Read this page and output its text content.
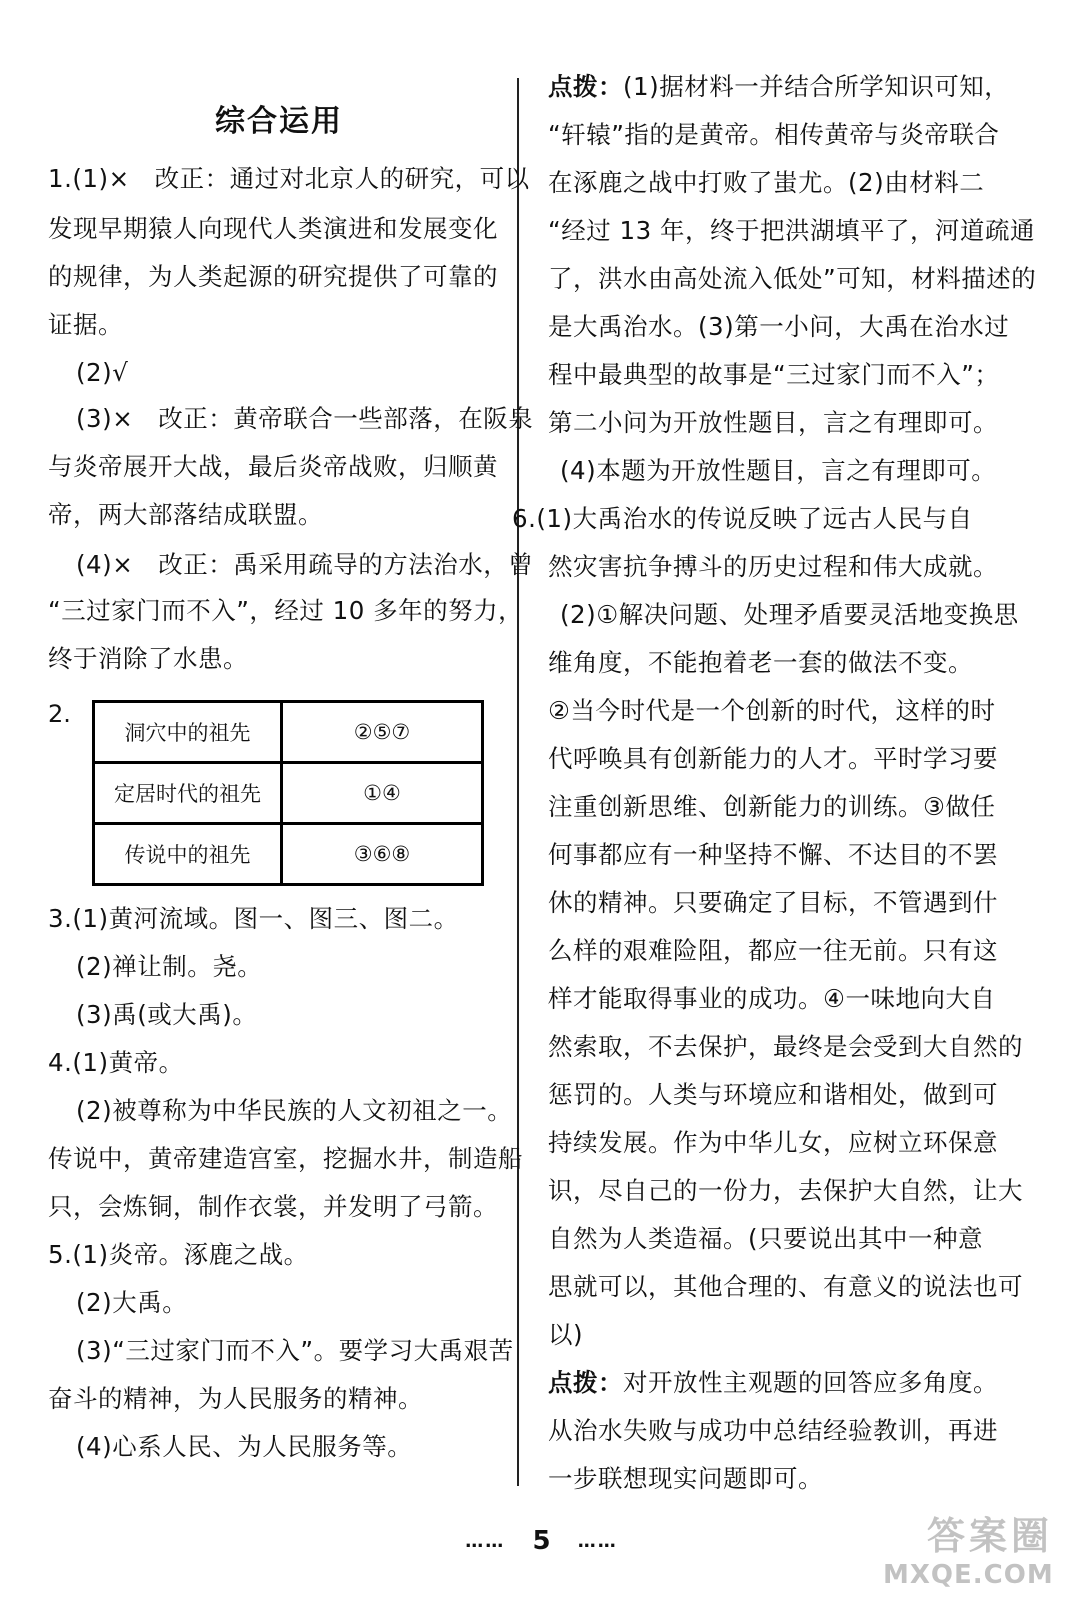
综合运用
1.(1)×　改正：通过对北京人的研究，可以
发现早期猿人向现代人类演进和发展变化
的规律，为人类起源的研究提供了可靠的
证据。
(2)√
(3)×　改正：黄帝联合一些部落，在阪泉
与炎帝展开大战，最后炎帝战败，归顺黄
帝，两大部落结成联盟。
(4)×　改正：禹采用疏导的方法治水，曾
“三过家门而不入”，经过 10 多年的努力，
终于消除了水患。
3.(1)黄河流域。图一、图三、图二。
(2)禅让制。尧。
(3)禹(或大禹)。
4.(1)黄帝。
(2)被尊称为中华民族的人文初祖之一。
传说中，黄帝建造宫室，挖掘水井，制造船
只，会炼铜，制作衣裳，并发明了弓箭。
5.(1)炎帝。涿鹿之战。
(2)大禹。
(3)“三过家门而不入”。要学习大禹艰苦
奋斗的精神，为人民服务的精神。
(4)心系人民、为人民服务等。
2.
洞穴中的祖先	②⑤⑦
定居时代的祖先	①④
传说中的祖先	③⑥⑧
点拨：(1)据材料一并结合所学知识可知，
“轩辕”指的是黄帝。相传黄帝与炎帝联合
在涿鹿之战中打败了蚩尤。(2)由材料二
“经过 13 年，终于把洪湖填平了，河道疏通
了，洪水由高处流入低处”可知，材料描述的
是大禹治水。(3)第一小问，大禹在治水过
程中最典型的故事是“三过家门而不入”；
第二小问为开放性题目，言之有理即可。
(4)本题为开放性题目，言之有理即可。
6.(1)大禹治水的传说反映了远古人民与自
然灾害抗争搏斗的历史过程和伟大成就。
(2)①解决问题、处理矛盾要灵活地变换思
维角度，不能抱着老一套的做法不变。
②当今时代是一个创新的时代，这样的时
代呼唤具有创新能力的人才。平时学习要
注重创新思维、创新能力的训练。③做任
何事都应有一种坚持不懈、不达目的不罢
休的精神。只要确定了目标，不管遇到什
么样的艰难险阻，都应一往无前。只有这
样才能取得事业的成功。④一味地向大自
然索取，不去保护，最终是会受到大自然的
惩罚的。人类与环境应和谐相处，做到可
持续发展。作为中华儿女，应树立环保意
识，尽自己的一份力，去保护大自然，让大
自然为人类造福。(只要说出其中一种意
思就可以，其他合理的、有意义的说法也可
以)
点拨：对开放性主观题的回答应多角度。
从治水失败与成功中总结经验教训，再进
一步联想现实问题即可。
…… 5 ……	答案圈
MXQE.COM
